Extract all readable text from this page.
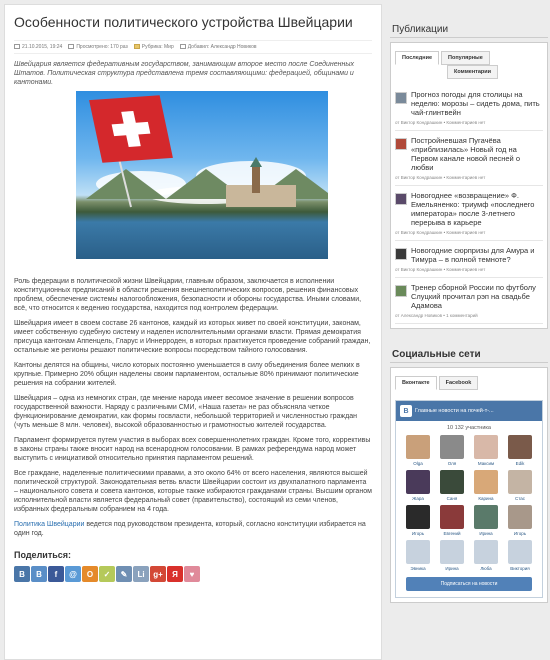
Особенности политического устройства Швейцарии
21.10.2015, 19:24	Просмотрено: 170 раз	Рубрика: Мир	Добавил: Александр Новиков

Швейцария является федеративным государством, занимающим второе место после Соединенных Штатов. Политическая структура представлена тремя составляющими: федерацией, общинами и кантонами.

Роль федерации в политической жизни Швейцарии, главным образом, заключается в исполнении конституционных предписаний в области решения внешнеполитических вопросов, решения финансовых проблем, обеспечение системы налогообложения, безопасности и обороны государства. Иными словами, всё, что относится к ведению государства, находится под контролем федерации.

Швейцария имеет в своем составе 26 кантонов, каждый из которых живет по своей конституции, законам, имеет собственную судебную систему и наделен исполнительными органами власти. Прямая демократия присуща кантонам Аппенцель, Гларус и Иннерроден, в которых практикуется проведение собраний граждан, остальные же регионы решают политические вопросы посредством тайного голосования.

Кантоны делятся на общины, число которых постоянно уменьшается в силу объединения более мелких в крупные. Примерно 20% общин наделены своим парламентом, остальные 80% принимают политические решения на собрании жителей.

Швейцария – одна из немногих стран, где мнение народа имеет весомое значение в решении вопросов государственной важности. Наряду с различными СМИ, «Наша газета» не раз объясняла четкое функционирование демократии, как формы госвласти, небольшой территорией и численностью граждан (чуть меньше 8 млн. человек), высокой образованностью и грамотностью жителей государства.

Парламент формируется путем участия в выборах всех совершеннолетних граждан. Кроме того, коррективы в законы страны также вносит народ на всенародном голосовании. В рамках референдума народ может выступить с инициативой относительно принятия парламентом решений.

Все граждане, наделенные политическими правами, а это около 64% от всего населения, являются высшей политической структурой. Законодательная ветвь власти Швейцарии состоит из двухпалатного парламента – национального совета и совета кантонов, которые также избираются гражданами страны. Высшим органом исполнительной власти является федеральный совет (правительство), состоящий из семи членов, избранных федеральным собранием на 4 года.

Политика Швейцарии ведется под руководством президента, который, согласно конституции избирается на один год.

Поделиться:
В	B	f	@	О	✓	✎	Li	g+	Я	♥
Публикации
Последние	Популярные
Комментарии
Прогноз погоды для столицы на неделю: морозы – сидеть дома, пить чай-глинтвейн
от Виктор Кондрашкин • Комментариев нет
Постройневшая Пугачёва «приблизилась» Новый год на Первом канале новой песней о любви
от Виктор Кондрашкин • Комментариев нет
Новогоднее «возвращение» Ф. Емельяненко: триумф «последнего императора» после 3-летнего перерыва в карьере
от Виктор Кондрашкин • Комментариев нет
Новогодние сюрпризы для Амура и Тимура – в полной темноте?
от Виктор Кондрашкин • Комментариев нет
Тренер сборной России по футболу Слуцкий прочитал рэп на свадьбе Адамова
от Александр Новиков • 1 комментарий
Социальные сети
Вконтакте	Facebook
В	Главные новости на почей-т-...
10 132 участника
Olga	Оля	Максим	Edik
Жара	Саня	Карина	Стас
Игорь	Евгений	Ирина	Игорь
Эвника	Ирина	Люба	Виктория
Подписаться на новости
